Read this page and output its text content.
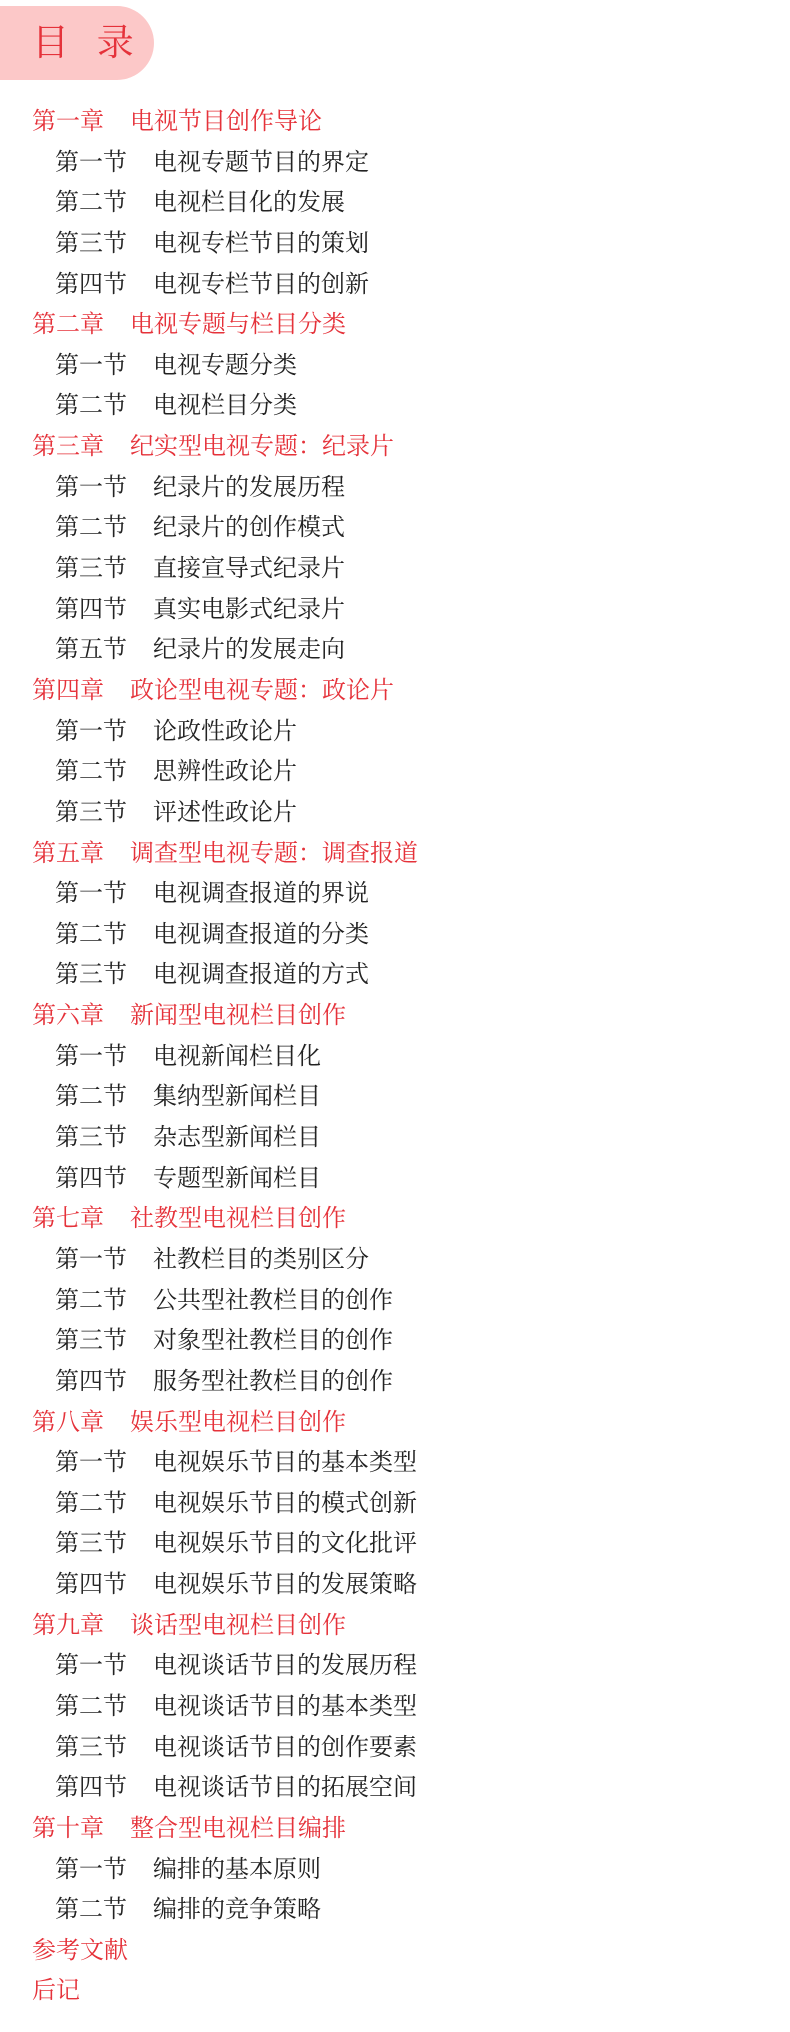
目 录
第一章 电视节目创作导论
第一节 电视专题节目的界定
第二节 电视栏目化的发展
第三节 电视专栏节目的策划
第四节 电视专栏节目的创新
第二章 电视专题与栏目分类
第一节 电视专题分类
第二节 电视栏目分类
第三章 纪实型电视专题：纪录片
第一节 纪录片的发展历程
第二节 纪录片的创作模式
第三节 直接宣导式纪录片
第四节 真实电影式纪录片
第五节 纪录片的发展走向
第四章 政论型电视专题：政论片
第一节 论政性政论片
第二节 思辨性政论片
第三节 评述性政论片
第五章 调查型电视专题：调查报道
第一节 电视调查报道的界说
第二节 电视调查报道的分类
第三节 电视调查报道的方式
第六章 新闻型电视栏目创作
第一节 电视新闻栏目化
第二节 集纳型新闻栏目
第三节 杂志型新闻栏目
第四节 专题型新闻栏目
第七章 社教型电视栏目创作
第一节 社教栏目的类别区分
第二节 公共型社教栏目的创作
第三节 对象型社教栏目的创作
第四节 服务型社教栏目的创作
第八章 娱乐型电视栏目创作
第一节 电视娱乐节目的基本类型
第二节 电视娱乐节目的模式创新
第三节 电视娱乐节目的文化批评
第四节 电视娱乐节目的发展策略
第九章 谈话型电视栏目创作
第一节 电视谈话节目的发展历程
第二节 电视谈话节目的基本类型
第三节 电视谈话节目的创作要素
第四节 电视谈话节目的拓展空间
第十章 整合型电视栏目编排
第一节 编排的基本原则
第二节 编排的竞争策略
参考文献
后记
